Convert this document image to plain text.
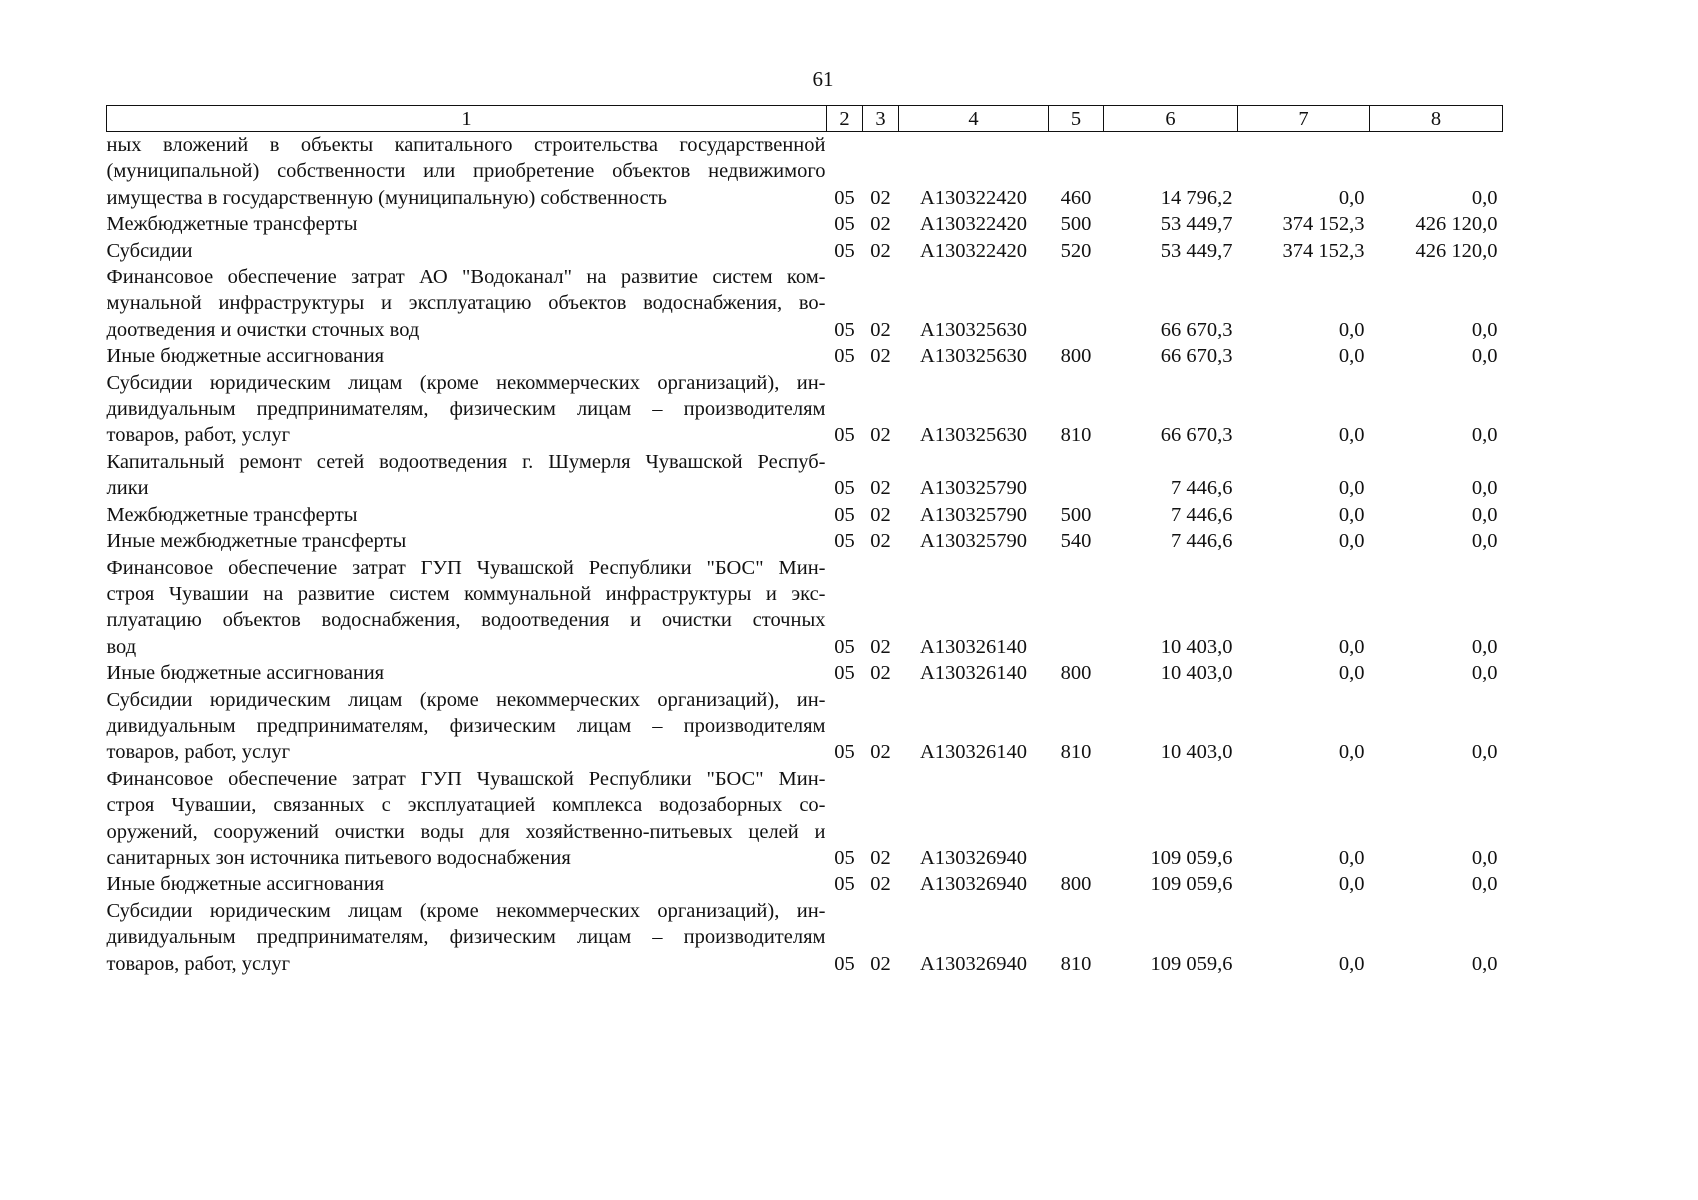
61
1	2	3	4	5	6	7	8

ных вложений в объекты капитального строительства государственной
(муниципальной) собственности или приобретение объектов недвижимого
имущества в государственную (муниципальную) собственность	05	02	А130322420	460	14 796,2	0,0	0,0

Межбюджетные трансферты	05	02	А130322420	500	53 449,7	374 152,3	426 120,0

Субсидии	05	02	А130322420	520	53 449,7	374 152,3	426 120,0

Финансовое обеспечение затрат АО "Водоканал" на развитие систем ком-
мунальной инфраструктуры и эксплуатацию объектов водоснабжения, во-
доотведения и очистки сточных вод	05	02	А130325630		66 670,3	0,0	0,0

Иные бюджетные ассигнования	05	02	А130325630	800	66 670,3	0,0	0,0

Субсидии юридическим лицам (кроме некоммерческих организаций), ин-
дивидуальным предпринимателям, физическим лицам – производителям
товаров, работ, услуг	05	02	А130325630	810	66 670,3	0,0	0,0

Капитальный ремонт сетей водоотведения г. Шумерля Чувашской Респуб-
лики	05	02	А130325790		7 446,6	0,0	0,0

Межбюджетные трансферты	05	02	А130325790	500	7 446,6	0,0	0,0

Иные межбюджетные трансферты	05	02	А130325790	540	7 446,6	0,0	0,0

Финансовое обеспечение затрат ГУП Чувашской Республики "БОС" Мин-
строя Чувашии на развитие систем коммунальной инфраструктуры и экс-
плуатацию объектов водоснабжения, водоотведения и очистки сточных
вод	05	02	А130326140		10 403,0	0,0	0,0

Иные бюджетные ассигнования	05	02	А130326140	800	10 403,0	0,0	0,0

Субсидии юридическим лицам (кроме некоммерческих организаций), ин-
дивидуальным предпринимателям, физическим лицам – производителям
товаров, работ, услуг	05	02	А130326140	810	10 403,0	0,0	0,0

Финансовое обеспечение затрат ГУП Чувашской Республики "БОС" Мин-
строя Чувашии, связанных с эксплуатацией комплекса водозаборных со-
оружений, сооружений очистки воды для хозяйственно-питьевых целей и
санитарных зон источника питьевого водоснабжения	05	02	А130326940		109 059,6	0,0	0,0

Иные бюджетные ассигнования	05	02	А130326940	800	109 059,6	0,0	0,0

Субсидии юридическим лицам (кроме некоммерческих организаций), ин-
дивидуальным предпринимателям, физическим лицам – производителям
товаров, работ, услуг	05	02	А130326940	810	109 059,6	0,0	0,0
